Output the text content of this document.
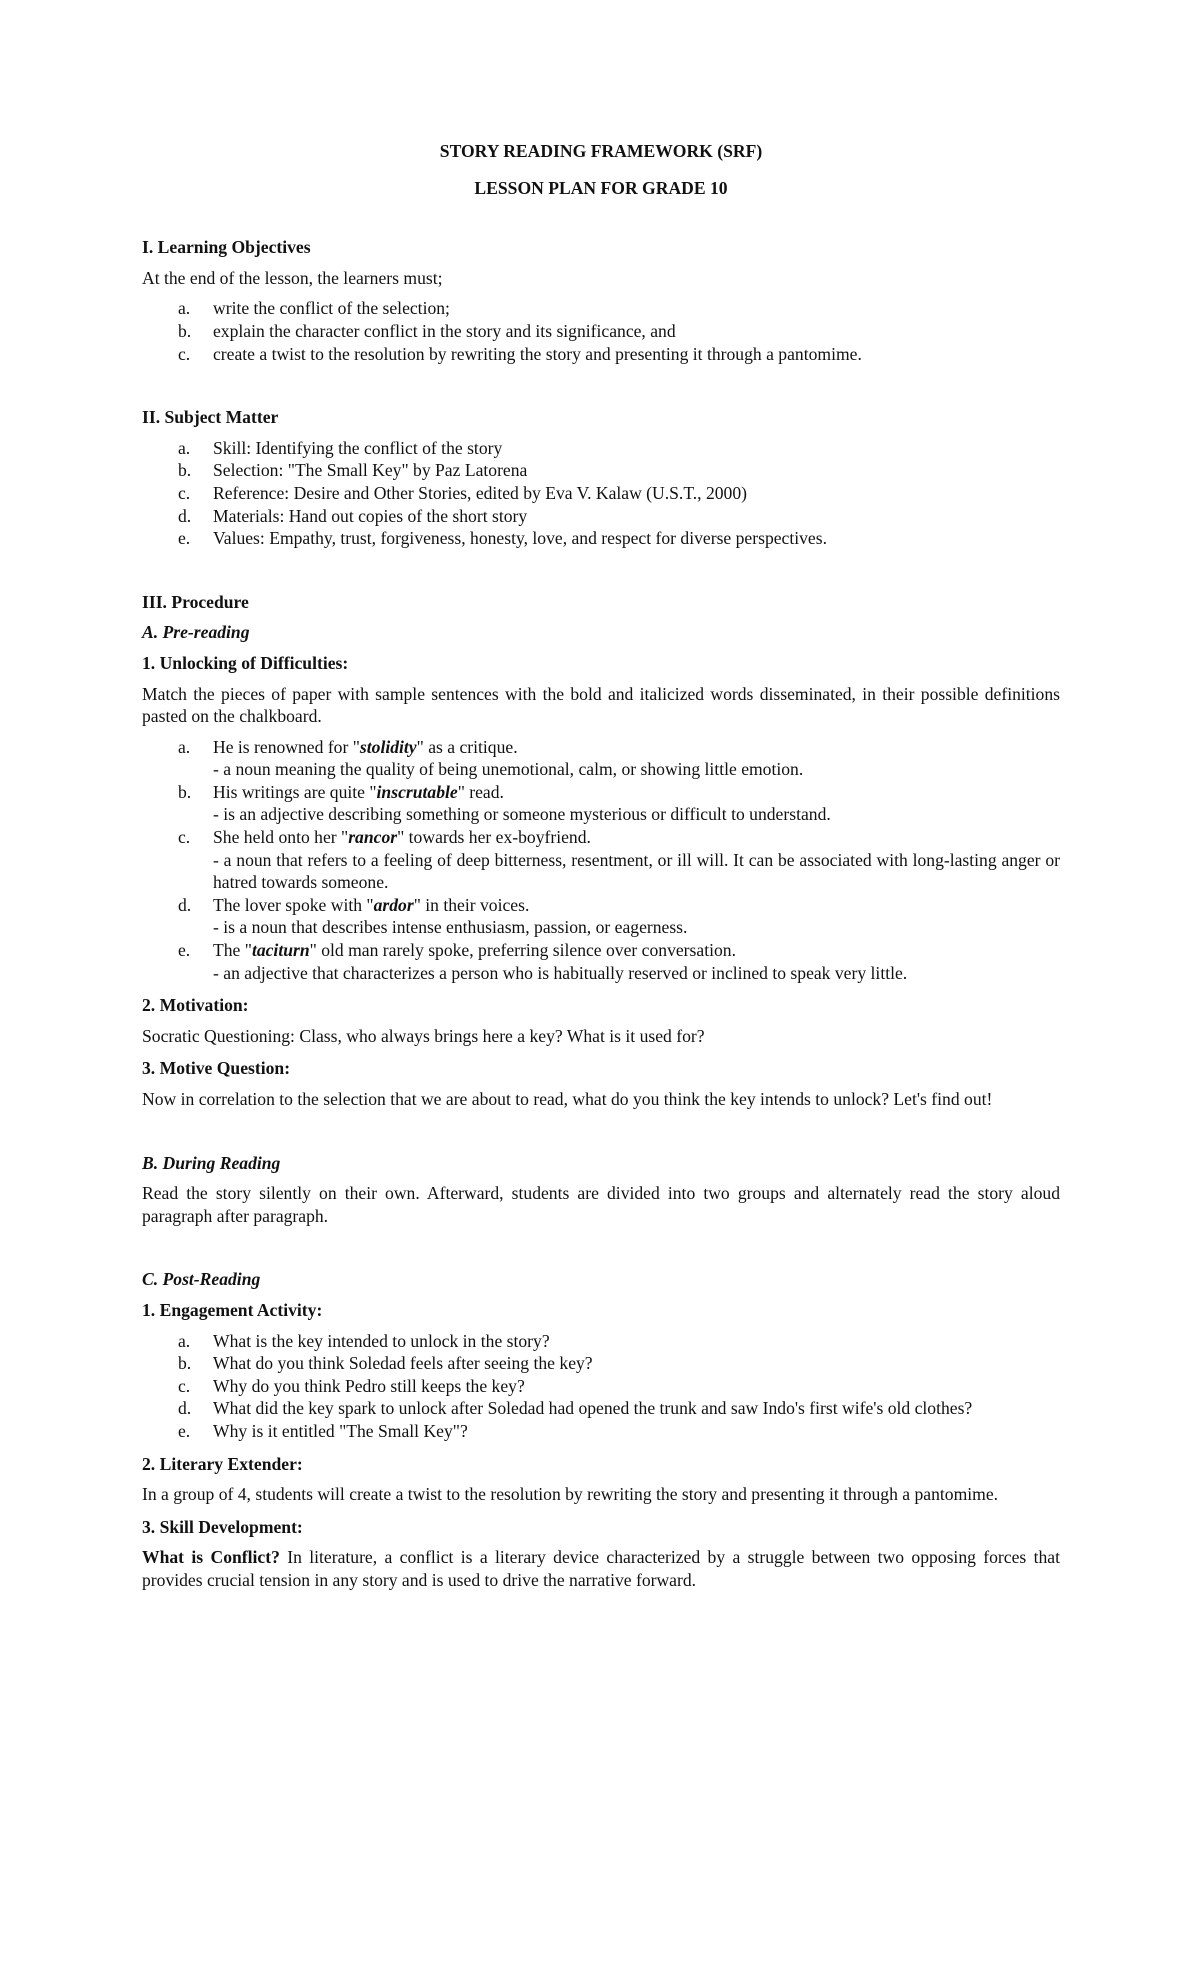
STORY READING FRAMEWORK (SRF)

LESSON PLAN FOR GRADE 10

I. Learning Objectives

At the end of the lesson, the learners must;

a. write the conflict of the selection;
b. explain the character conflict in the story and its significance, and
c. create a twist to the resolution by rewriting the story and presenting it through a pantomime.
II. Subject Matter
a. Skill: Identifying the conflict of the story
b. Selection: "The Small Key" by Paz Latorena
c. Reference: Desire and Other Stories, edited by Eva V. Kalaw (U.S.T., 2000)
d. Materials: Hand out copies of the short story
e. Values: Empathy, trust, forgiveness, honesty, love, and respect for diverse perspectives.
III. Procedure
A. Pre-reading
1. Unlocking of Difficulties:

Match the pieces of paper with sample sentences with the bold and italicized words disseminated, in their possible definitions pasted on the chalkboard.

a. He is renowned for "stolidity" as a critique.
- a noun meaning the quality of being unemotional, calm, or showing little emotion.
b. His writings are quite "inscrutable" read.
- is an adjective describing something or someone mysterious or difficult to understand.
c. She held onto her "rancor" towards her ex-boyfriend.
- a noun that refers to a feeling of deep bitterness, resentment, or ill will. It can be associated with long-lasting anger or hatred towards someone.
d. The lover spoke with "ardor" in their voices.
- is a noun that describes intense enthusiasm, passion, or eagerness.
e. The "taciturn" old man rarely spoke, preferring silence over conversation.
- an adjective that characterizes a person who is habitually reserved or inclined to speak very little.
2. Motivation:

Socratic Questioning: Class, who always brings here a key? What is it used for?

3. Motive Question:

Now in correlation to the selection that we are about to read, what do you think the key intends to unlock? Let's find out!

B. During Reading

Read the story silently on their own. Afterward, students are divided into two groups and alternately read the story aloud paragraph after paragraph.

C. Post-Reading
1. Engagement Activity:
a. What is the key intended to unlock in the story?
b. What do you think Soledad feels after seeing the key?
c. Why do you think Pedro still keeps the key?
d. What did the key spark to unlock after Soledad had opened the trunk and saw Indo's first wife's old clothes?
e. Why is it entitled "The Small Key"?
2. Literary Extender:

In a group of 4, students will create a twist to the resolution by rewriting the story and presenting it through a pantomime.

3. Skill Development:

What is Conflict? In literature, a conflict is a literary device characterized by a struggle between two opposing forces that provides crucial tension in any story and is used to drive the narrative forward.
